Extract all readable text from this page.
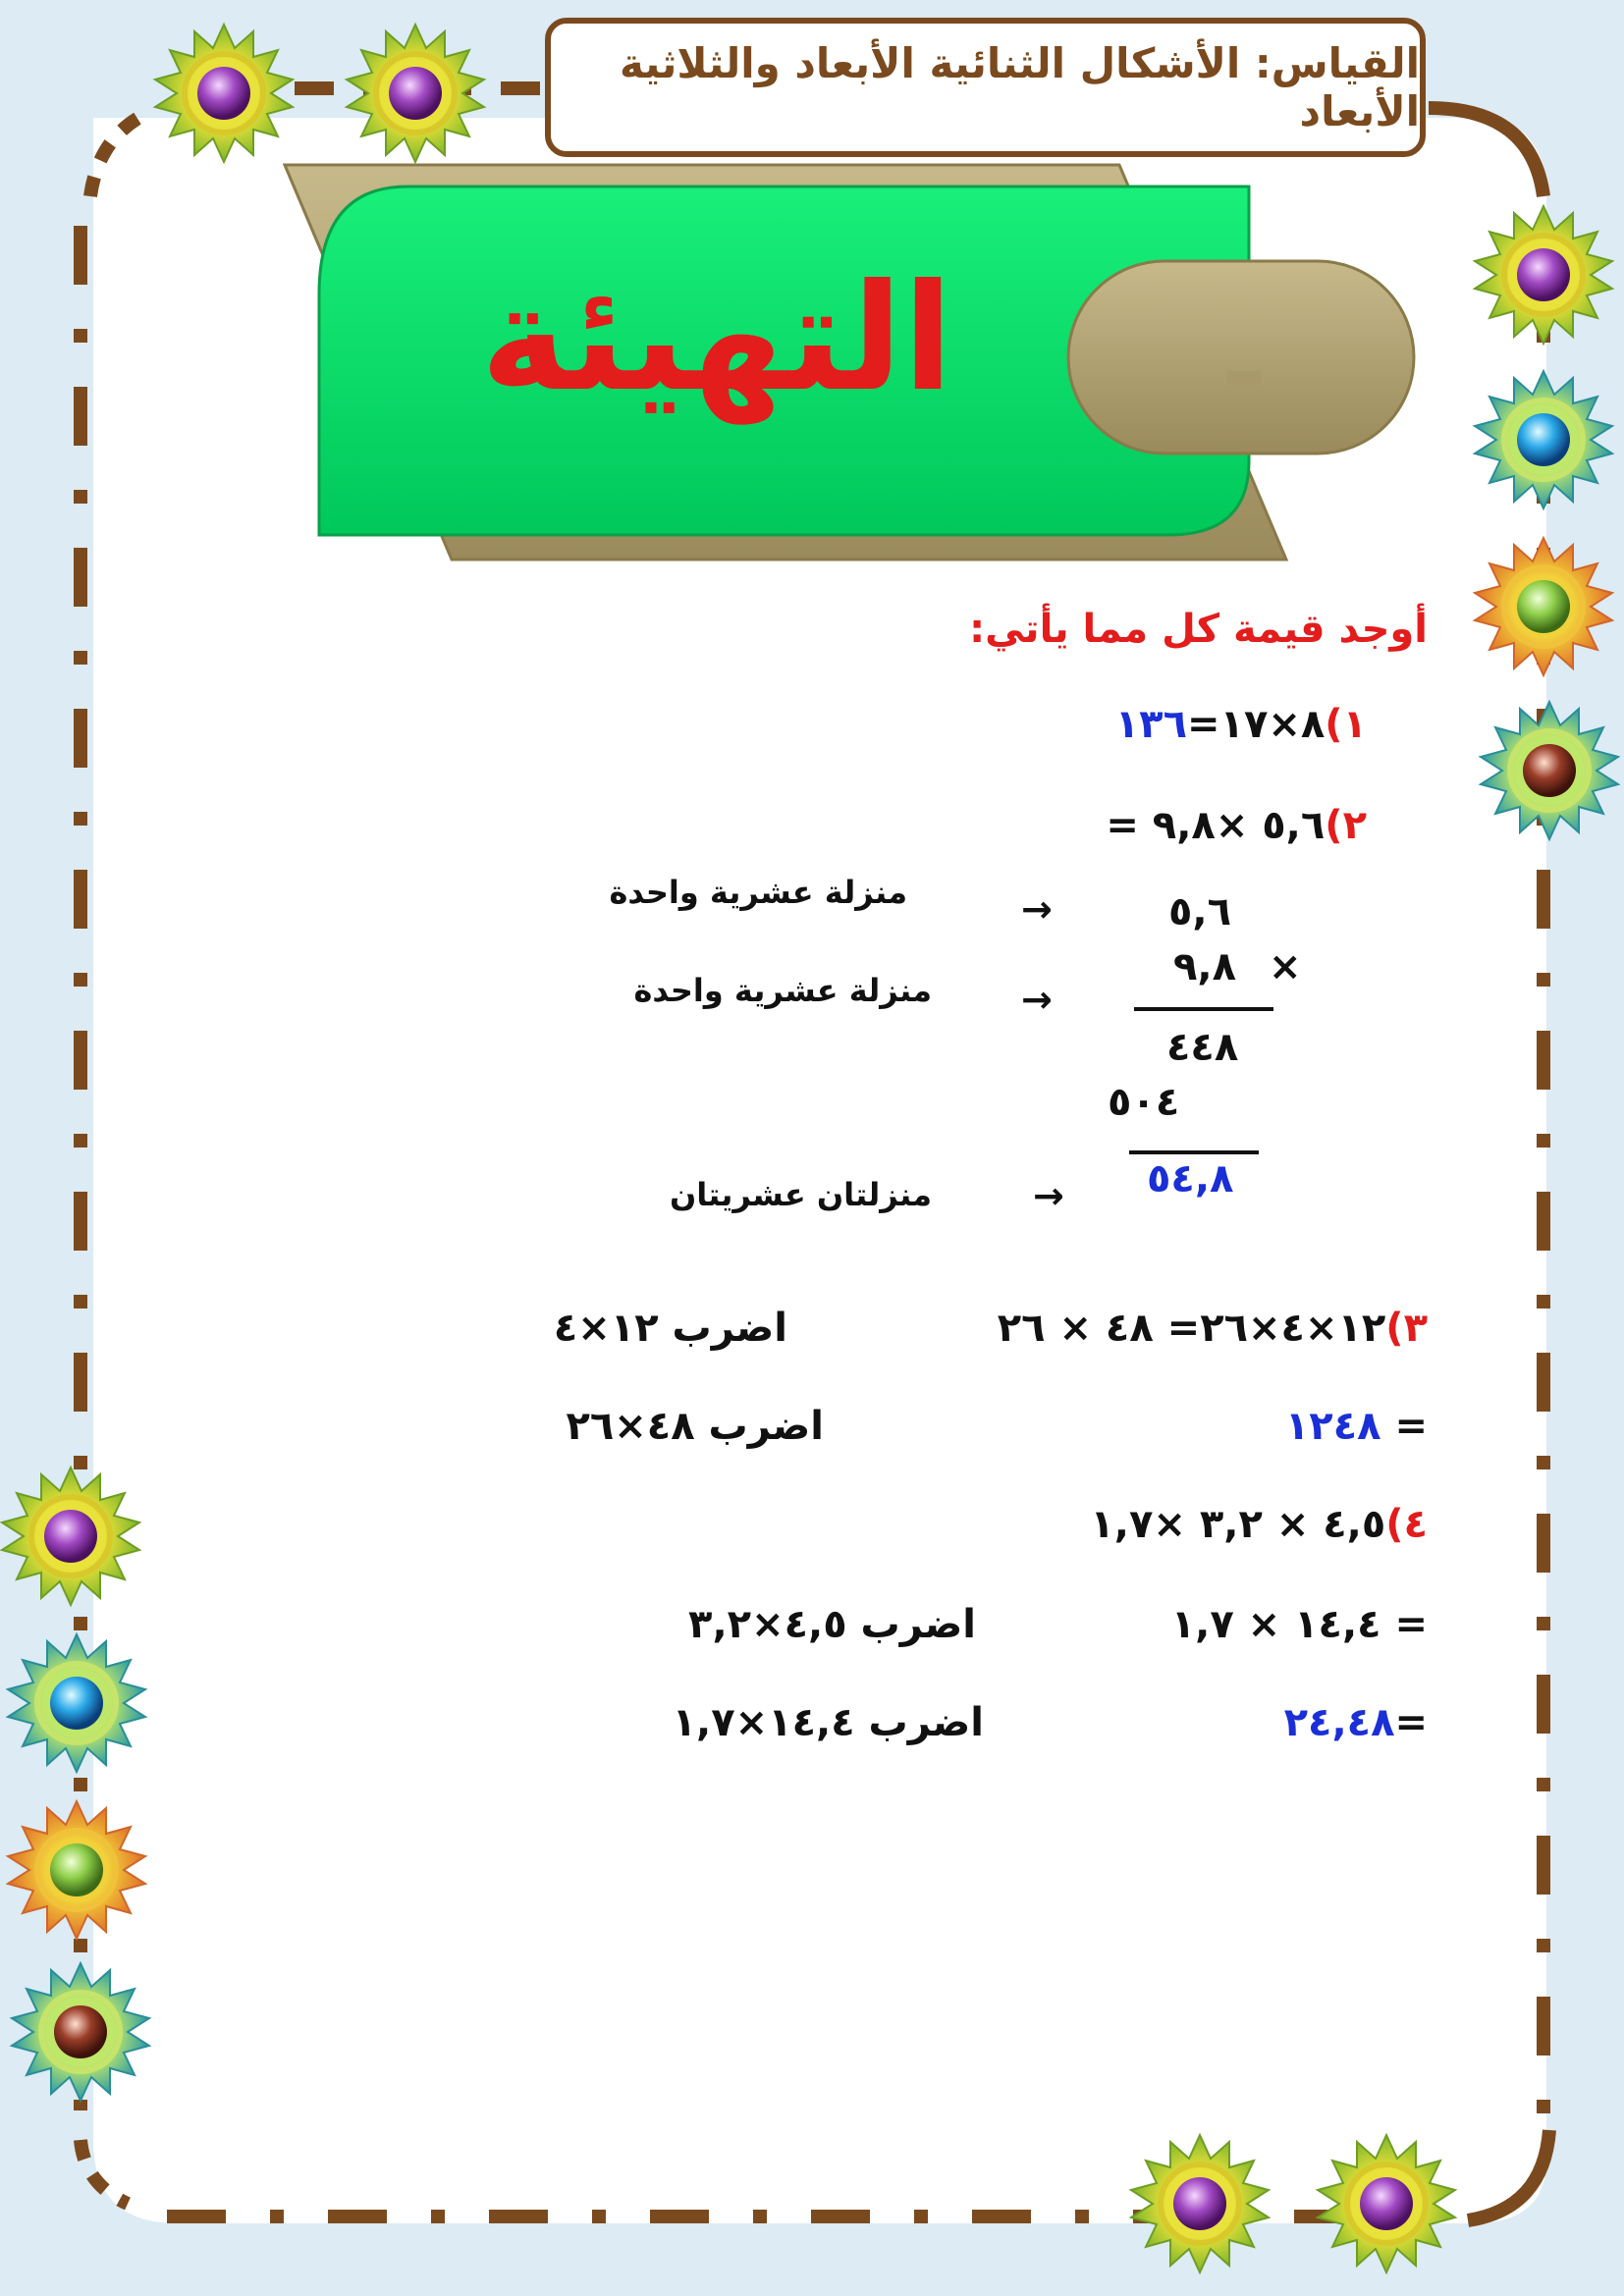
القياس: الأشكال الثنائية الأبعاد والثلاثية الأبعاد
التهيئة
أوجد قيمة كل مما يأتي:
١)٨×١٧=١٣٦
٢)٥,٦ ×٩,٨ =
٥,٦
٩,٨ ×
٤٤٨
٥٠٤
٥٤,٨
→
→
→
منزلة عشرية واحدة
منزلة عشرية واحدة
منزلتان عشريتان
٣)١٢×٤×٢٦= ٤٨ × ٢٦
اضرب ١٢×٤
= ١٢٤٨
اضرب ٤٨×٢٦
٤)٤,٥ × ٣,٢ ×١,٧
= ١٤,٤ × ١,٧
اضرب ٤,٥×٣,٢
=٢٤,٤٨
اضرب ١٤,٤×١,٧
